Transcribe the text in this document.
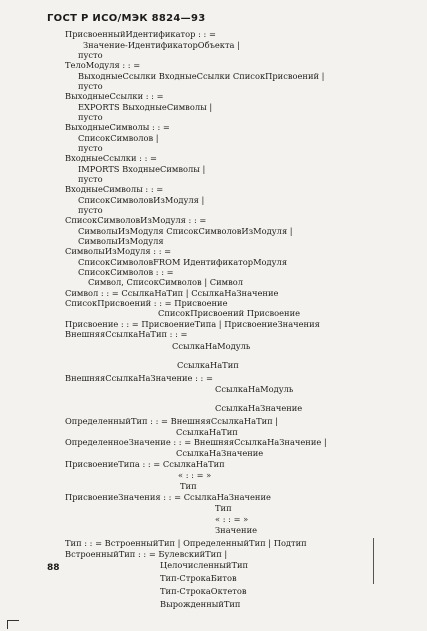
ГОСТ Р ИСО/МЭК 8824—93
ПрисвоенныйИдентификатор : : =
Значение-ИдентификаторОбъекта |
пусто
ТелоМодуля : : =
ВыходныеСсылки ВходныеСсылки СписокПрисвоений |
пусто
ВыходныеСсылки : : =
EXPORTS ВыходныеСимволы |
пусто
ВыходныеСимволы : : =
СписокСимволов |
пусто
ВходныеСсылки : : =
IMPORTS ВходныеСимволы |
пусто
ВходныеСимволы : : =
СписокСимволовИзМодуля |
пусто
СписокСимволовИзМодуля : : =
СимволыИзМодуля СписокСимволовИзМодуля |
СимволыИзМодуля
СимволыИзМодуля : : =
СписокСимволовFROM ИдентификаторМодуля
СписокСимволов : : =
Символ, СписокСимволов | Символ
Символ : : = СсылкаНаТип | СсылкаНаЗначение
СписокПрисвоений : : = Присвоение
СписокПрисвоений Присвоение
Присвоение : : = ПрисвоениеТипа | ПрисвоениеЗначения
ВнешняяСсылкаНаТип : : =
СсылкаНаМодуль
СсылкаНаТип
ВнешняяСсылкаНаЗначение : : =
СсылкаНаМодуль
СсылкаНаЗначение
ОпределенныйТип : : = ВнешняяСсылкаНаТип |
СсылкаНаТип
ОпределенноеЗначение : : = ВнешняяСсылкаНаЗначение |
СсылкаНаЗначение
ПрисвоениеТипа : : = СсылкаНаТип
« : : = »
Тип
ПрисвоениеЗначения : : = СсылкаНаЗначение
Тип
« : : = »
Значение
Тип : : = ВстроенныйТип | ОпределенныйТип | Подтип
ВстроенныйТип : : = БулевскийТип |
ЦелочисленныйТип
Тип-СтрокаБитов
Тип-СтрокаОктетов
ВырожденныйТип
88
